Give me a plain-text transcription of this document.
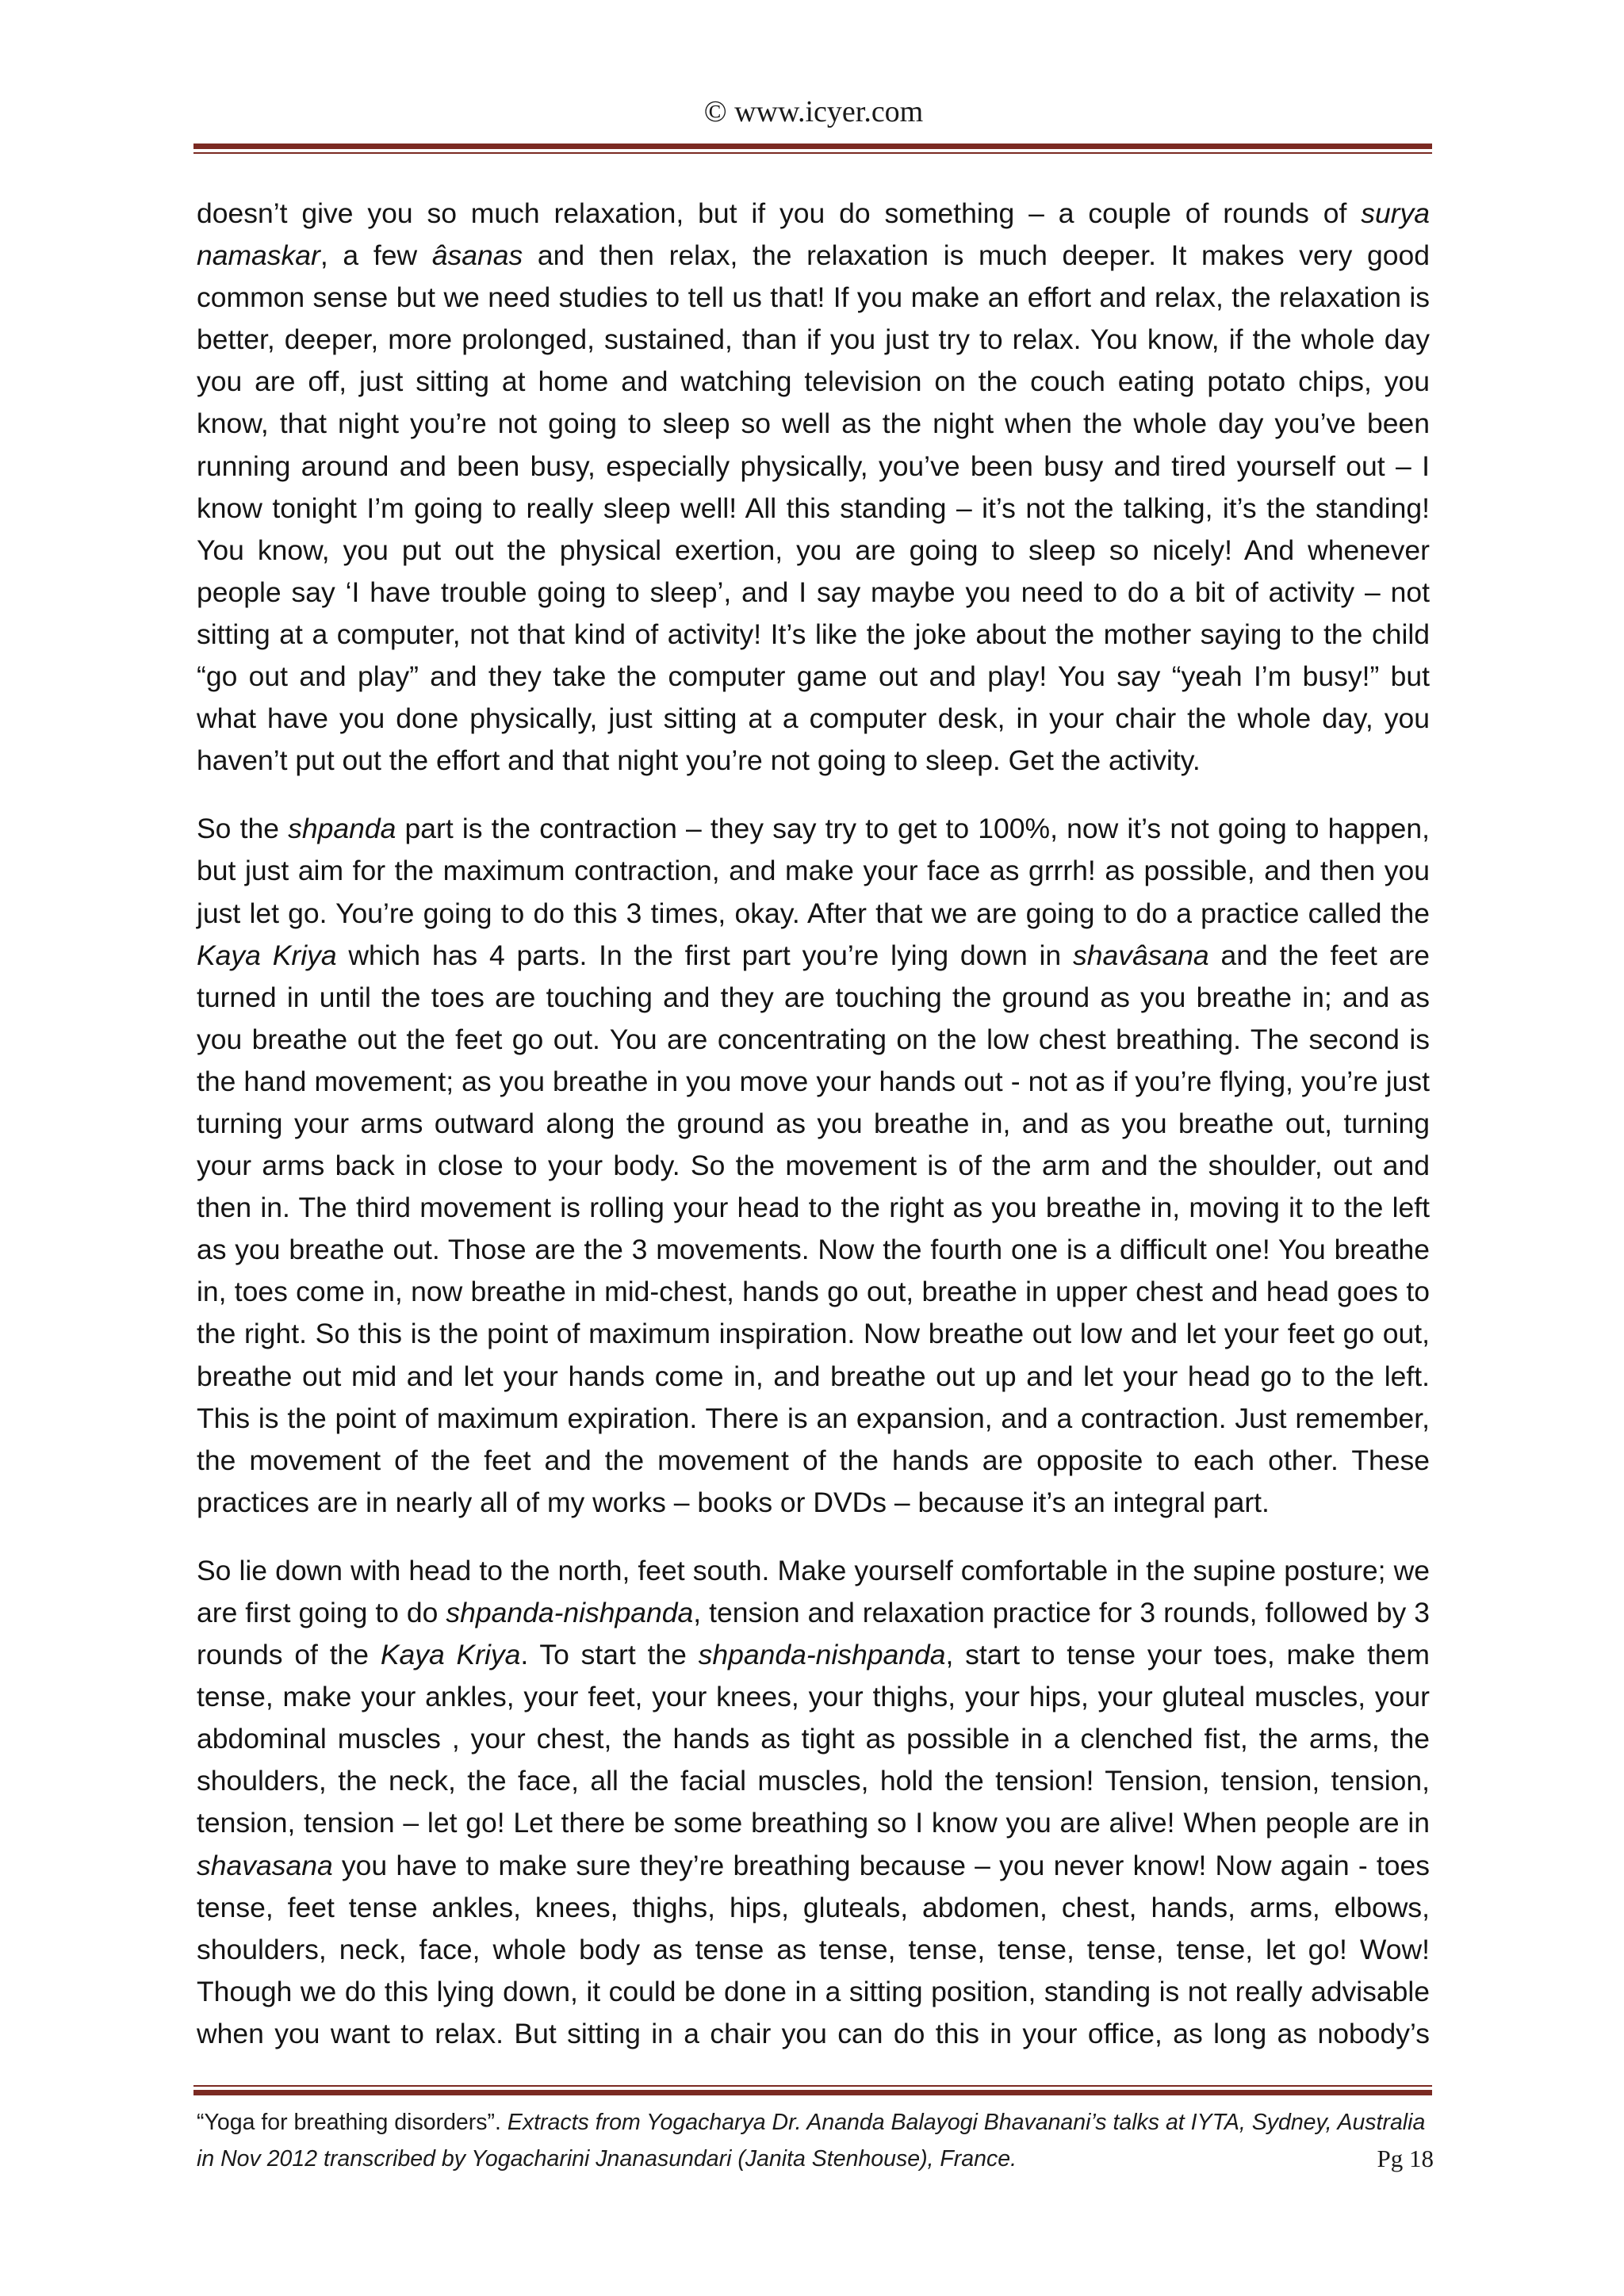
© www.icyer.com

doesn’t give you so much relaxation, but if you do something – a couple of rounds of surya namaskar, a few âsanas and then relax, the relaxation is much deeper. It makes very good common sense but we need studies to tell us that! If you make an effort and relax, the relaxation is better, deeper, more prolonged, sustained, than if you just try to relax. You know, if the whole day you are off, just sitting at home and watching television on the couch eating potato chips, you know, that night you’re not going to sleep so well as the night when the whole day you’ve been running around and been busy, especially physically, you’ve been busy and tired yourself out – I know tonight I’m going to really sleep well! All this standing – it’s not the talking, it’s the standing! You know, you put out the physical exertion, you are going to sleep so nicely! And whenever people say ‘I have trouble going to sleep’, and I say maybe you need to do a bit of activity – not sitting at a computer, not that kind of activity! It’s like the joke about the mother saying to the child “go out and play” and they take the computer game out and play! You say “yeah I’m busy!” but what have you done physically, just sitting at a computer desk, in your chair the whole day, you haven’t put out the effort and that night you’re not going to sleep. Get the activity.

So the shpanda part is the contraction – they say try to get to 100%, now it’s not going to happen, but just aim for the maximum contraction, and make your face as grrrh! as possible, and then you just let go. You’re going to do this 3 times, okay. After that we are going to do a practice called the Kaya Kriya which has 4 parts. In the first part you’re lying down in shavâsana and the feet are turned in until the toes are touching and they are touching the ground as you breathe in; and as you breathe out the feet go out. You are concentrating on the low chest breathing. The second is the hand movement; as you breathe in you move your hands out - not as if you’re flying, you’re just turning your arms outward along the ground as you breathe in, and as you breathe out, turning your arms back in close to your body. So the movement is of the arm and the shoulder, out and then in. The third movement is rolling your head to the right as you breathe in, moving it to the left as you breathe out. Those are the 3 movements. Now the fourth one is a difficult one! You breathe in, toes come in, now breathe in mid-chest, hands go out, breathe in upper chest and head goes to the right. So this is the point of maximum inspiration. Now breathe out low and let your feet go out, breathe out mid and let your hands come in, and breathe out up and let your head go to the left. This is the point of maximum expiration. There is an expansion, and a contraction. Just remember, the movement of the feet and the movement of the hands are opposite to each other. These practices are in nearly all of my works – books or DVDs – because it’s an integral part.

So lie down with head to the north, feet south. Make yourself comfortable in the supine posture; we are first going to do shpanda-nishpanda, tension and relaxation practice for 3 rounds, followed by 3 rounds of the Kaya Kriya. To start the shpanda-nishpanda, start to tense your toes, make them tense, make your ankles, your feet, your knees, your thighs, your hips, your gluteal muscles, your abdominal muscles , your chest, the hands as tight as possible in a clenched fist, the arms, the shoulders, the neck, the face, all the facial muscles, hold the tension! Tension, tension, tension, tension, tension – let go! Let there be some breathing so I know you are alive! When people are in shavasana you have to make sure they’re breathing because – you never know! Now again - toes tense, feet tense ankles, knees, thighs, hips, gluteals, abdomen, chest, hands, arms, elbows, shoulders, neck, face, whole body as tense as tense, tense, tense, tense, tense, let go! Wow! Though we do this lying down, it could be done in a sitting position, standing is not really advisable when you want to relax. But sitting in a chair you can do this in your office, as long as nobody’s

“Yoga for breathing disorders”. Extracts from Yogacharya Dr. Ananda Balayogi Bhavanani’s talks at IYTA, Sydney, Australia
in Nov 2012 transcribed by Yogacharini Jnanasundari (Janita Stenhouse), France.	Pg 18
